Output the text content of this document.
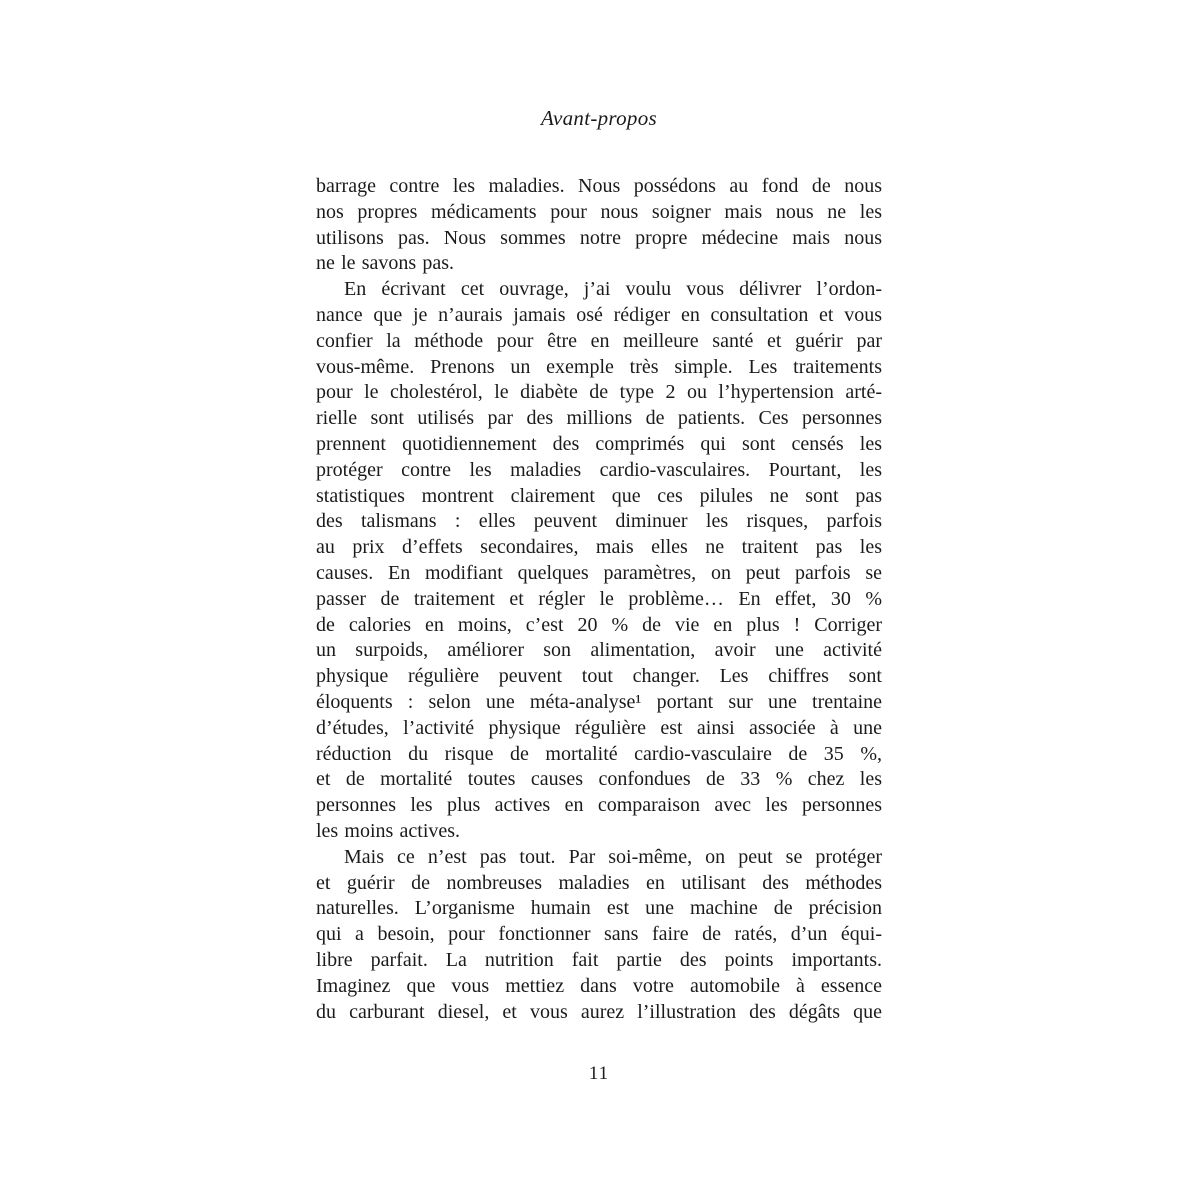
Avant-propos
barrage contre les maladies. Nous possédons au fond de nous
nos propres médicaments pour nous soigner mais nous ne les
utilisons pas. Nous sommes notre propre médecine mais nous
ne le savons pas.
En écrivant cet ouvrage, j’ai voulu vous délivrer l’ordon-
nance que je n’aurais jamais osé rédiger en consultation et vous
confier la méthode pour être en meilleure santé et guérir par
vous-même. Prenons un exemple très simple. Les traitements
pour le cholestérol, le diabète de type 2 ou l’hypertension arté-
rielle sont utilisés par des millions de patients. Ces personnes
prennent quotidiennement des comprimés qui sont censés les
protéger contre les maladies cardio-vasculaires. Pourtant, les
statistiques montrent clairement que ces pilules ne sont pas
des talismans : elles peuvent diminuer les risques, parfois
au prix d’effets secondaires, mais elles ne traitent pas les
causes. En modifiant quelques paramètres, on peut parfois se
passer de traitement et régler le problème… En effet, 30 %
de calories en moins, c’est 20 % de vie en plus ! Corriger
un surpoids, améliorer son alimentation, avoir une activité
physique régulière peuvent tout changer. Les chiffres sont
éloquents : selon une méta-analyse¹ portant sur une trentaine
d’études, l’activité physique régulière est ainsi associée à une
réduction du risque de mortalité cardio-vasculaire de 35 %,
et de mortalité toutes causes confondues de 33 % chez les
personnes les plus actives en comparaison avec les personnes
les moins actives.
Mais ce n’est pas tout. Par soi-même, on peut se protéger
et guérir de nombreuses maladies en utilisant des méthodes
naturelles. L’organisme humain est une machine de précision
qui a besoin, pour fonctionner sans faire de ratés, d’un équi-
libre parfait. La nutrition fait partie des points importants.
Imaginez que vous mettiez dans votre automobile à essence
du carburant diesel, et vous aurez l’illustration des dégâts que
11
